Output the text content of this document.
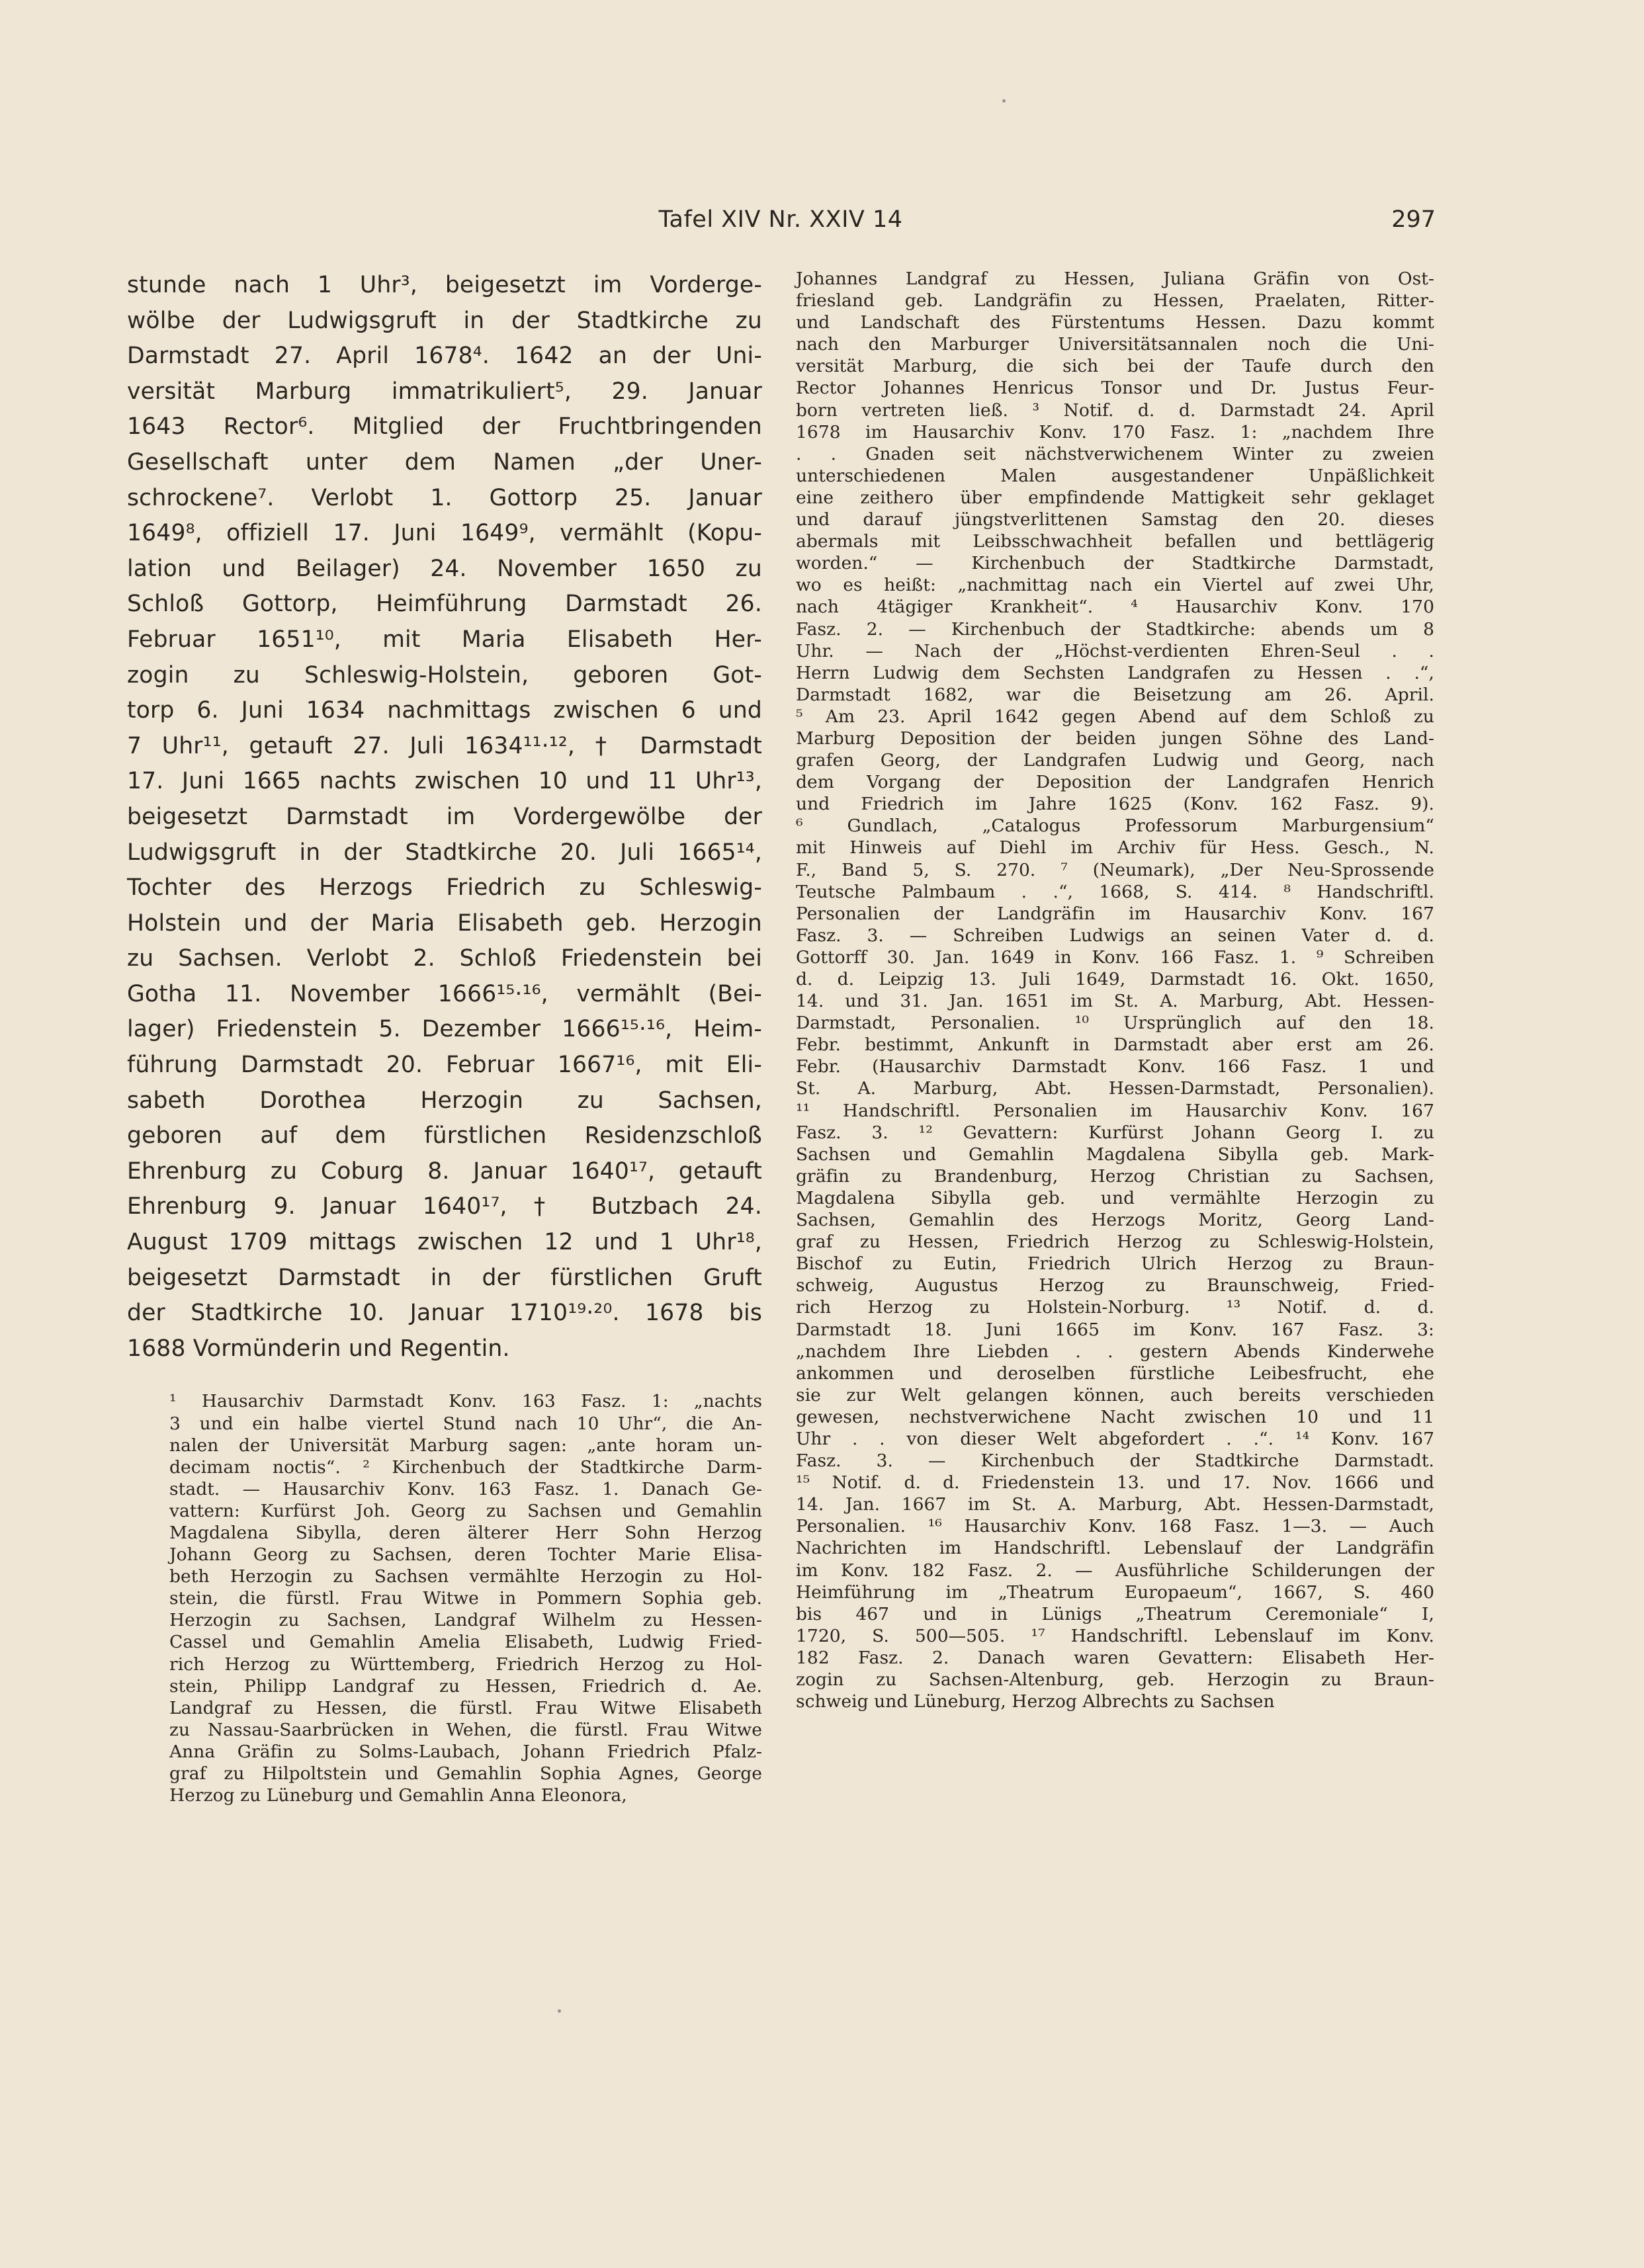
Tafel XIV Nr. XXIV 14	297
stunde nach 1 Uhr³, beigesetzt im Vorderge-
wölbe der Ludwigsgruft in der Stadtkirche zu
Darmstadt 27. April 1678⁴. 1642 an der Uni-
versität Marburg immatrikuliert⁵, 29. Januar
1643 Rector⁶. Mitglied der Fruchtbringenden
Gesellschaft unter dem Namen „der Uner-
schrockene⁷. Verlobt 1. Gottorp 25. Januar
1649⁸, offiziell 17. Juni 1649⁹, vermählt (Kopu-
lation und Beilager) 24. November 1650 zu
Schloß Gottorp, Heimführung Darmstadt 26.
Februar 1651¹⁰, mit Maria Elisabeth Her-
zogin zu Schleswig-Holstein, geboren Got-
torp 6. Juni 1634 nachmittags zwischen 6 und
7 Uhr¹¹, getauft 27. Juli 1634¹¹·¹², † Darmstadt
17. Juni 1665 nachts zwischen 10 und 11 Uhr¹³,
beigesetzt Darmstadt im Vordergewölbe der
Ludwigsgruft in der Stadtkirche 20. Juli 1665¹⁴,
Tochter des Herzogs Friedrich zu Schleswig-
Holstein und der Maria Elisabeth geb. Herzogin
zu Sachsen. Verlobt 2. Schloß Friedenstein bei
Gotha 11. November 1666¹⁵·¹⁶, vermählt (Bei-
lager) Friedenstein 5. Dezember 1666¹⁵·¹⁶, Heim-
führung Darmstadt 20. Februar 1667¹⁶, mit Eli-
sabeth Dorothea Herzogin zu Sachsen,
geboren auf dem fürstlichen Residenzschloß
Ehrenburg zu Coburg 8. Januar 1640¹⁷, getauft
Ehrenburg 9. Januar 1640¹⁷, † Butzbach 24.
August 1709 mittags zwischen 12 und 1 Uhr¹⁸,
beigesetzt Darmstadt in der fürstlichen Gruft
der Stadtkirche 10. Januar 1710¹⁹·²⁰. 1678 bis
1688 Vormünderin und Regentin.
¹ Hausarchiv Darmstadt Konv. 163 Fasz. 1: „nachts
3 und ein halbe viertel Stund nach 10 Uhr“, die An-
nalen der Universität Marburg sagen: „ante horam un-
decimam noctis“. ² Kirchenbuch der Stadtkirche Darm-
stadt. — Hausarchiv Konv. 163 Fasz. 1. Danach Ge-
vattern: Kurfürst Joh. Georg zu Sachsen und Gemahlin
Magdalena Sibylla, deren älterer Herr Sohn Herzog
Johann Georg zu Sachsen, deren Tochter Marie Elisa-
beth Herzogin zu Sachsen vermählte Herzogin zu Hol-
stein, die fürstl. Frau Witwe in Pommern Sophia geb.
Herzogin zu Sachsen, Landgraf Wilhelm zu Hessen-
Cassel und Gemahlin Amelia Elisabeth, Ludwig Fried-
rich Herzog zu Württemberg, Friedrich Herzog zu Hol-
stein, Philipp Landgraf zu Hessen, Friedrich d. Ae.
Landgraf zu Hessen, die fürstl. Frau Witwe Elisabeth
zu Nassau-Saarbrücken in Wehen, die fürstl. Frau Witwe
Anna Gräfin zu Solms-Laubach, Johann Friedrich Pfalz-
graf zu Hilpoltstein und Gemahlin Sophia Agnes, George
Herzog zu Lüneburg und Gemahlin Anna Eleonora,
Johannes Landgraf zu Hessen, Juliana Gräfin von Ost-
friesland geb. Landgräfin zu Hessen, Praelaten, Ritter-
und Landschaft des Fürstentums Hessen. Dazu kommt
nach den Marburger Universitätsannalen noch die Uni-
versität Marburg, die sich bei der Taufe durch den
Rector Johannes Henricus Tonsor und Dr. Justus Feur-
born vertreten ließ. ³ Notif. d. d. Darmstadt 24. April
1678 im Hausarchiv Konv. 170 Fasz. 1: „nachdem Ihre
. . Gnaden seit nächstverwichenem Winter zu zweien
unterschiedenen Malen ausgestandener Unpäßlichkeit
eine zeithero über empfindende Mattigkeit sehr geklaget
und darauf jüngstverlittenen Samstag den 20. dieses
abermals mit Leibsschwachheit befallen und bettlägerig
worden.“ — Kirchenbuch der Stadtkirche Darmstadt,
wo es heißt: „nachmittag nach ein Viertel auf zwei Uhr,
nach 4tägiger Krankheit“. ⁴ Hausarchiv Konv. 170
Fasz. 2. — Kirchenbuch der Stadtkirche: abends um 8
Uhr. — Nach der „Höchst-verdienten Ehren-Seul . .
Herrn Ludwig dem Sechsten Landgrafen zu Hessen . .“,
Darmstadt 1682, war die Beisetzung am 26. April.
⁵ Am 23. April 1642 gegen Abend auf dem Schloß zu
Marburg Deposition der beiden jungen Söhne des Land-
grafen Georg, der Landgrafen Ludwig und Georg, nach
dem Vorgang der Deposition der Landgrafen Henrich
und Friedrich im Jahre 1625 (Konv. 162 Fasz. 9).
⁶ Gundlach, „Catalogus Professorum Marburgensium“
mit Hinweis auf Diehl im Archiv für Hess. Gesch., N.
F., Band 5, S. 270. ⁷ (Neumark), „Der Neu-Sprossende
Teutsche Palmbaum . .“, 1668, S. 414. ⁸ Handschriftl.
Personalien der Landgräfin im Hausarchiv Konv. 167
Fasz. 3. — Schreiben Ludwigs an seinen Vater d. d.
Gottorff 30. Jan. 1649 in Konv. 166 Fasz. 1. ⁹ Schreiben
d. d. Leipzig 13. Juli 1649, Darmstadt 16. Okt. 1650,
14. und 31. Jan. 1651 im St. A. Marburg, Abt. Hessen-
Darmstadt, Personalien. ¹⁰ Ursprünglich auf den 18.
Febr. bestimmt, Ankunft in Darmstadt aber erst am 26.
Febr. (Hausarchiv Darmstadt Konv. 166 Fasz. 1 und
St. A. Marburg, Abt. Hessen-Darmstadt, Personalien).
¹¹ Handschriftl. Personalien im Hausarchiv Konv. 167
Fasz. 3. ¹² Gevattern: Kurfürst Johann Georg I. zu
Sachsen und Gemahlin Magdalena Sibylla geb. Mark-
gräfin zu Brandenburg, Herzog Christian zu Sachsen,
Magdalena Sibylla geb. und vermählte Herzogin zu
Sachsen, Gemahlin des Herzogs Moritz, Georg Land-
graf zu Hessen, Friedrich Herzog zu Schleswig-Holstein,
Bischof zu Eutin, Friedrich Ulrich Herzog zu Braun-
schweig, Augustus Herzog zu Braunschweig, Fried-
rich Herzog zu Holstein-Norburg. ¹³ Notif. d. d.
Darmstadt 18. Juni 1665 im Konv. 167 Fasz. 3:
„nachdem Ihre Liebden . . gestern Abends Kinderwehe
ankommen und deroselben fürstliche Leibesfrucht, ehe
sie zur Welt gelangen können, auch bereits verschieden
gewesen, nechstverwichene Nacht zwischen 10 und 11
Uhr . . von dieser Welt abgefordert . .“. ¹⁴ Konv. 167
Fasz. 3. — Kirchenbuch der Stadtkirche Darmstadt.
¹⁵ Notif. d. d. Friedenstein 13. und 17. Nov. 1666 und
14. Jan. 1667 im St. A. Marburg, Abt. Hessen-Darmstadt,
Personalien. ¹⁶ Hausarchiv Konv. 168 Fasz. 1—3. — Auch
Nachrichten im Handschriftl. Lebenslauf der Landgräfin
im Konv. 182 Fasz. 2. — Ausführliche Schilderungen der
Heimführung im „Theatrum Europaeum“, 1667, S. 460
bis 467 und in Lünigs „Theatrum Ceremoniale“ I,
1720, S. 500—505. ¹⁷ Handschriftl. Lebenslauf im Konv.
182 Fasz. 2. Danach waren Gevattern: Elisabeth Her-
zogin zu Sachsen-Altenburg, geb. Herzogin zu Braun-
schweig und Lüneburg, Herzog Albrechts zu Sachsen
